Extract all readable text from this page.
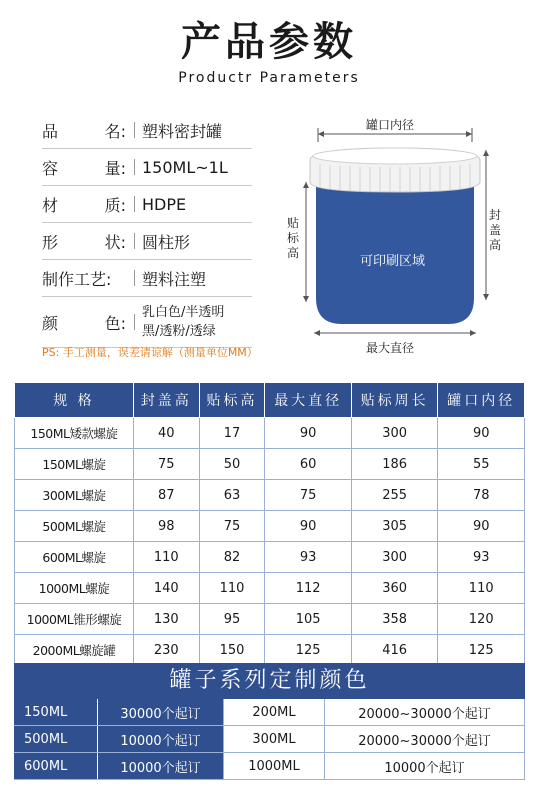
产品参数
Productr Parameters
品	名: 塑料密封罐
容	量: 150ML~1L
材	质: HDPE
形	状: 圆柱形
制作工艺: 塑料注塑
颜	色:
乳白色/半透明
黑/透粉/透绿
PS: 手工测量，误差请谅解（测量单位MM）
罐口内径
贴标高
封盖高
可印刷区域
最大直径
规 格	封盖高	贴标高	最大直径	贴标周长	罐口内径
150ML矮款螺旋	40	17	90	300	90
150ML螺旋	75	50	60	186	55
300ML螺旋	87	63	75	255	78
500ML螺旋	98	75	90	305	90
600ML螺旋	110	82	93	300	93
1000ML螺旋	140	110	112	360	110
1000ML锥形螺旋	130	95	105	358	120
2000ML螺旋罐	230	150	125	416	125
罐子系列定制颜色
150ML	30000个起订	200ML	20000~30000个起订
500ML	10000个起订	300ML	20000~30000个起订
600ML	10000个起订	1000ML	10000个起订
